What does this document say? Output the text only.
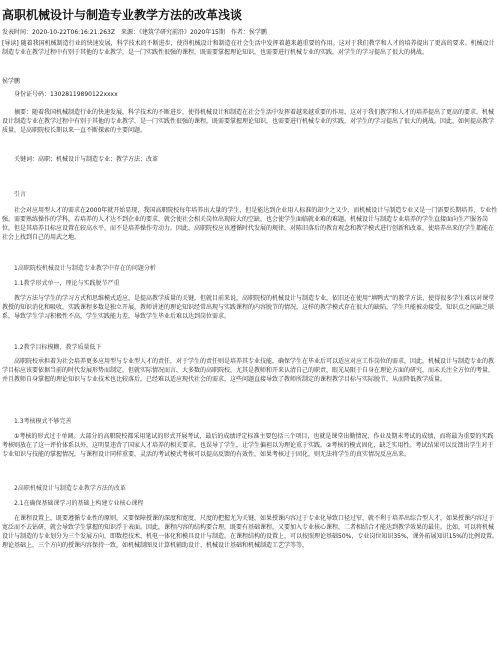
高职机械设计与制造专业教学方法的改革浅谈

发表时间：2020-10-22T06:16:21.263Z　来源：《建筑学研究前沿》2020年15期　作者：侯学鹏

[导读] 随着我国机械制造行业的快速发展，科学技术的不断进步，使得机械设计和制造在社会生活中发挥着越来越重要的作用。这对于我们教学和人才的培养提出了更高的要求。机械设计制造专业在教学过程中有别于其他的专业教学，是一门实践性很强的课程，既需要掌握理论知识，也需要进行机械专业的实践，对学生的学习提出了很大的挑战。

侯学鹏

身份证号码：13028119890122xxxx

摘要：随着我国机械制造行业的快速发展，科学技术的不断进步，使得机械设计和制造在社会生活中发挥着越来越重要的作用。这对于我们教学和人才的培养提出了更高的要求。机械设计制造专业在教学过程中有别于其他的专业教学，是一门实践性很强的课程，既需要掌握理论知识，也需要进行机械专业的实践，对学生的学习提出了很大的挑战。因此，如何提高教学质量，是高职院校长期以来一直不断探索的主要问题。

关键词：高职；机械设计与制造专业；教学方法；改革

引言

社会对应用型人才的需求在2000年就开始显现，我国高职院校每年培养出大量的学生，但是能达到企业用人标准的却少之又少，而机械设计与制造专业又是一门需要长期培养，专业性强，需要熟练操作的学科，若培养的人才达不到企业的要求，就会使社会相关岗位出现较大的空缺，也会使学生面临就业难的难题。机械设计与制造专业培养的学生直接面向生产服务岗位，但是其培养目标应设置在较高水平，而不是培养操作劳动力。因此，高职院校应该遵循时代发展的规律，对陈旧落后的教育观念和教学模式进行创新和改革，使培养出来的学生都能在社会上找到自己的用武之地。

1高职院校机械设计与制造专业教学中存在的问题分析

1.1教学形式单一，理论与实践脱节严重

教学方法与学生的学习方式和思维模式适应，是提高教学质量的关键，但就目前来说，高职院校的机械设计与制造专业，依旧还在使用“填鸭式”的教学方法，使得很多学生难以对课堂教授的知识消化和吸收，实践课程多数是独立开展，教师讲述的理论知识经常出现与实践课程的内容脱节的情况，这样的教学模式存在很大的缺陷，学生只能被动接受，知识点之间缺乏联系，导致学生学习积极性不高，学生实践能力差，导致学生毕业后难以达到岗位需求。

1.2教学目标模糊，教学质量低下

高职院校承担着为社会培养更多应用型与专业型人才的责任，对于学生的责任则是培养其专业技能，确保学生在毕业后可以适应对应工作岗位的需求，因此，机械设计与制造专业的教学目标应该要依据当前的时代发展形势而制定，但就实际情况而言，大多数的高职院校，尤其是教师和开来认清自己的职责，眼光局限于自身在理论方面的研究，而未关注全方位的考量，并且教师自身掌握的理论知识与专业技术也比较落后，已经难以适应现代社会的需求，这些问题直接导致了教师所制定的课程教学目标与实际脱节，从而降低教学质量。

1.3考核模式不够完善

①考核的形式过于单调。大部分的高职院校都采用笔试的形式开展考试，最后的成绩评定标准主要包括三个项目，也就是课堂出勤情况、作业及期末考试的成绩，而将最为重要的实践考核则放在了这一评价体系以外，这明显违背了国家人才培养的相关要求，也误导了学生，让学生偏袒以为理论重于实践。②考核的模式固化，缺乏实用性。考试结果可以反馈出学生对于专业知识与技能的掌握情况，与课程设计同样重要，灵活的考试模式考核可以提高反馈的有效性，如果考核过于固化，则无法将学生的真实情况反应出来。

2高职机械设计与制造专业教学方法的改革

2.1在确保基础课学习的基础上构建专业核心课程

在课程设置上，既要遵循专业性的原则，又要保障授课的深度和宽度，尺度的把握尤为关键，如果授课内容过于专业化导致口径过窄，就不利于培养出综合型人才，如果授课内容过于宽泛而不去钻研，就会导致学生掌握的知识浮于表面。因此，课程内容的结构要合理，既要有基础课程，又要加入专业核心课程，二者相结合才能达到教学效果的最佳。比如，可以将机械设计与制造的专业划分为三个发展方向，即数控技术、机电一体化和模具设计与制造。在课程结构的设置上，可以按照理论基础50%，专业岗位知识35%，课外拓展知识15%的比例设置。理论基础上，三个方向的授课内容保持一致，如机械制图及计算机辅助设计、机械设计基础和机械制造工艺学等等，
